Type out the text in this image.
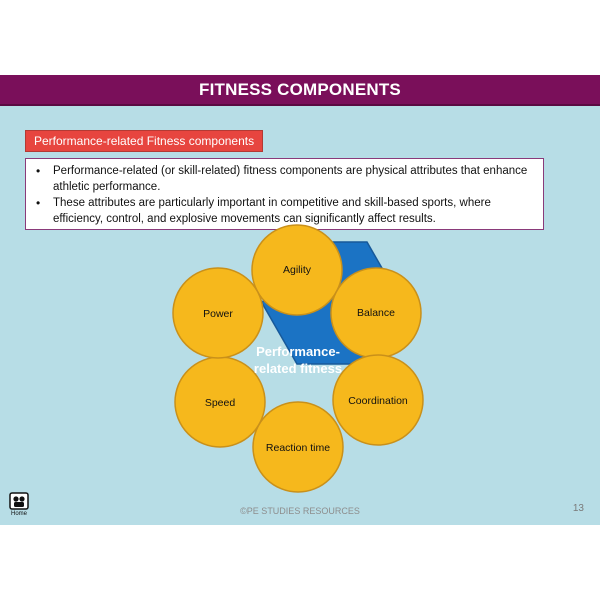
FITNESS COMPONENTS
Performance-related Fitness components
• Performance-related (or skill-related) fitness components are physical attributes that enhance athletic performance.
• These attributes are particularly important in competitive and skill-based sports, where efficiency, control, and explosive movements can significantly affect results.
Performance-
related fitness
Agility
Balance
Coordination
Reaction time
Speed
Power
Home	©PE STUDIES RESOURCES	13
